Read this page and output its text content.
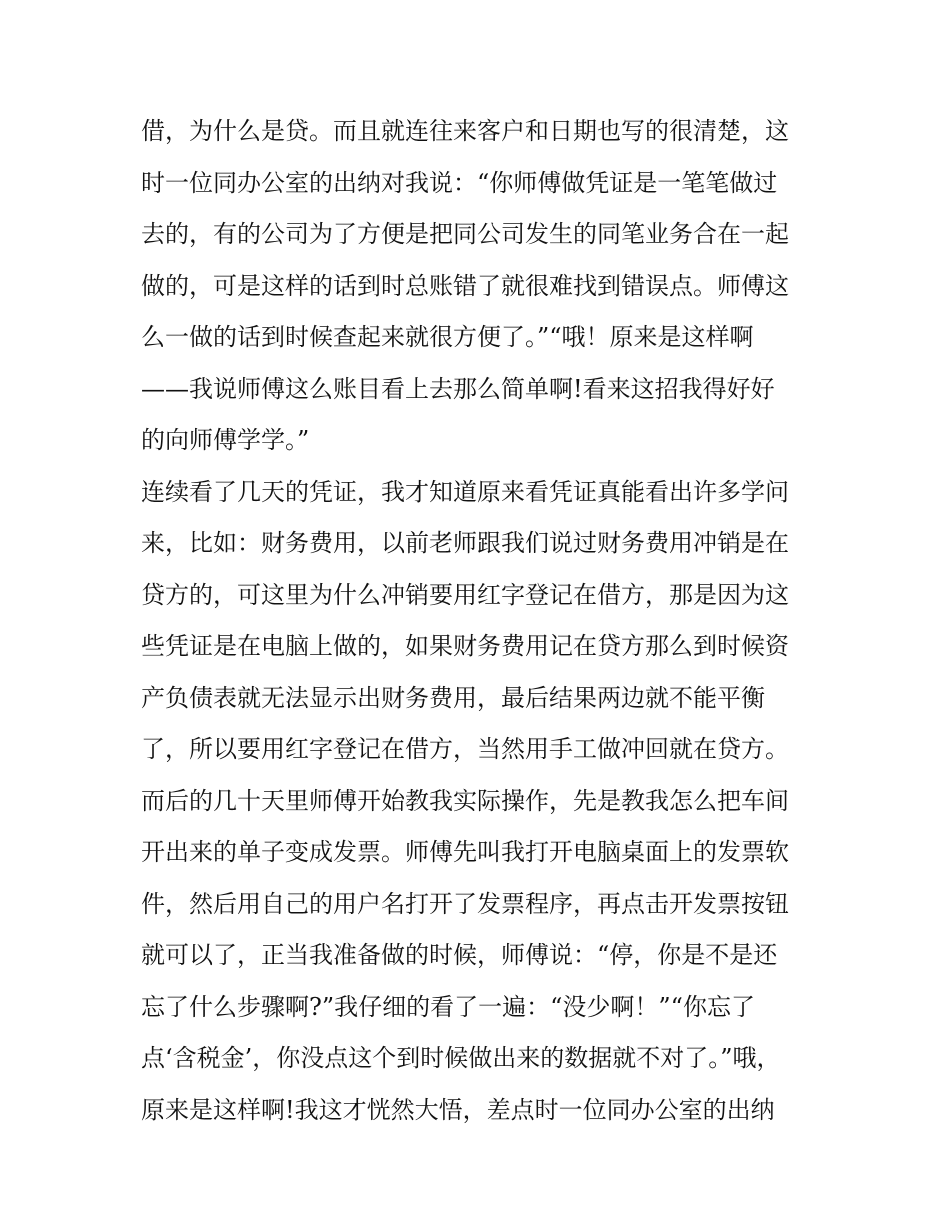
借，为什么是贷。而且就连往来客户和日期也写的很清楚，这
时一位同办公室的出纳对我说：“你师傅做凭证是一笔笔做过
去的，有的公司为了方便是把同公司发生的同笔业务合在一起
做的，可是这样的话到时总账错了就很难找到错误点。师傅这
么一做的话到时候查起来就很方便了。”“哦！原来是这样啊
——我说师傅这么账目看上去那么简单啊!看来这招我得好好
的向师傅学学。”
连续看了几天的凭证，我才知道原来看凭证真能看出许多学问
来，比如：财务费用，以前老师跟我们说过财务费用冲销是在
贷方的，可这里为什么冲销要用红字登记在借方，那是因为这
些凭证是在电脑上做的，如果财务费用记在贷方那么到时候资
产负债表就无法显示出财务费用，最后结果两边就不能平衡
了，所以要用红字登记在借方，当然用手工做冲回就在贷方。
而后的几十天里师傅开始教我实际操作，先是教我怎么把车间
开出来的单子变成发票。师傅先叫我打开电脑桌面上的发票软
件，然后用自己的用户名打开了发票程序，再点击开发票按钮
就可以了，正当我准备做的时候，师傅说：“停，你是不是还
忘了什么步骤啊?”我仔细的看了一遍：“没少啊！”“你忘了
点‘含税金’，你没点这个到时候做出来的数据就不对了。”哦，
原来是这样啊!我这才恍然大悟，差点时一位同办公室的出纳
